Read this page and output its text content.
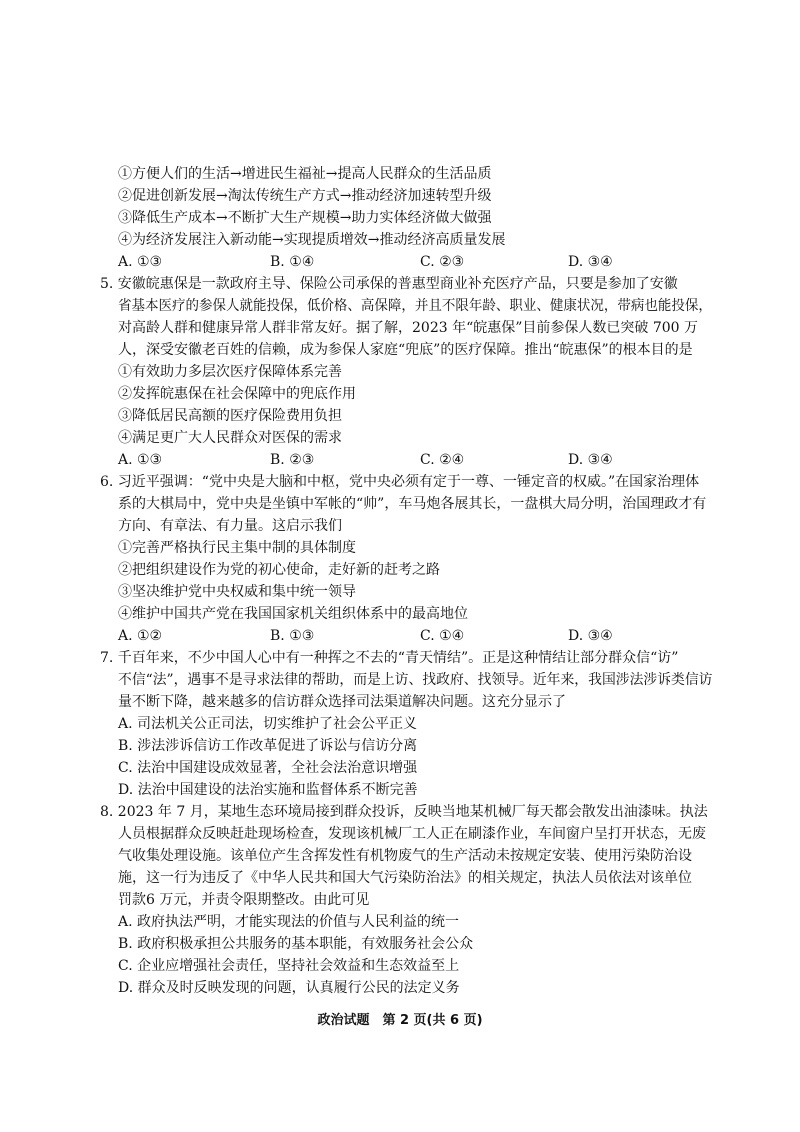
①方便人们的生活→增进民生福祉→提高人民群众的生活品质
②促进创新发展→淘汰传统生产方式→推动经济加速转型升级
③降低生产成本→不断扩大生产规模→助力实体经济做大做强
④为经济发展注入新动能→实现提质增效→推动经济高质量发展
A. ①③	B. ①④	C. ②③	D. ③④
5. 安徽皖惠保是一款政府主导、保险公司承保的普惠型商业补充医疗产品，只要是参加了安徽
省基本医疗的参保人就能投保，低价格、高保障，并且不限年龄、职业、健康状况，带病也能投保，
对高龄人群和健康异常人群非常友好。据了解，2023 年“皖惠保”目前参保人数已突破 700 万
人，深受安徽老百姓的信赖，成为参保人家庭“兜底”的医疗保障。推出“皖惠保”的根本目的是
①有效助力多层次医疗保障体系完善
②发挥皖惠保在社会保障中的兜底作用
③降低居民高额的医疗保险费用负担
④满足更广大人民群众对医保的需求
A. ①③	B. ②③	C. ②④	D. ③④
6. 习近平强调：“党中央是大脑和中枢，党中央必须有定于一尊、一锤定音的权威。”在国家治理体
系的大棋局中，党中央是坐镇中军帐的“帅”，车马炮各展其长，一盘棋大局分明，治国理政才有
方向、有章法、有力量。这启示我们
①完善严格执行民主集中制的具体制度
②把组织建设作为党的初心使命，走好新的赶考之路
③坚决维护党中央权威和集中统一领导
④维护中国共产党在我国国家机关组织体系中的最高地位
A. ①②	B. ①③	C. ①④	D. ③④
7. 千百年来，不少中国人心中有一种挥之不去的“青天情结”。正是这种情结让部分群众信“访”
不信“法”，遇事不是寻求法律的帮助，而是上访、找政府、找领导。近年来，我国涉法涉诉类信访
量不断下降，越来越多的信访群众选择司法渠道解决问题。这充分显示了
A. 司法机关公正司法，切实维护了社会公平正义
B. 涉法涉诉信访工作改革促进了诉讼与信访分离
C. 法治中国建设成效显著，全社会法治意识增强
D. 法治中国建设的法治实施和监督体系不断完善
8. 2023 年 7 月，某地生态环境局接到群众投诉，反映当地某机械厂每天都会散发出油漆味。执法
人员根据群众反映赶赴现场检查，发现该机械厂工人正在刷漆作业，车间窗户呈打开状态，无废
气收集处理设施。该单位产生含挥发性有机物废气的生产活动未按规定安装、使用污染防治设
施，这一行为违反了《中华人民共和国大气污染防治法》的相关规定，执法人员依法对该单位
罚款6 万元，并责令限期整改。由此可见
A. 政府执法严明，才能实现法的价值与人民利益的统一
B. 政府积极承担公共服务的基本职能，有效服务社会公众
C. 企业应增强社会责任，坚持社会效益和生态效益至上
D. 群众及时反映发现的问题，认真履行公民的法定义务
政治试题　第 2 页(共 6 页)
